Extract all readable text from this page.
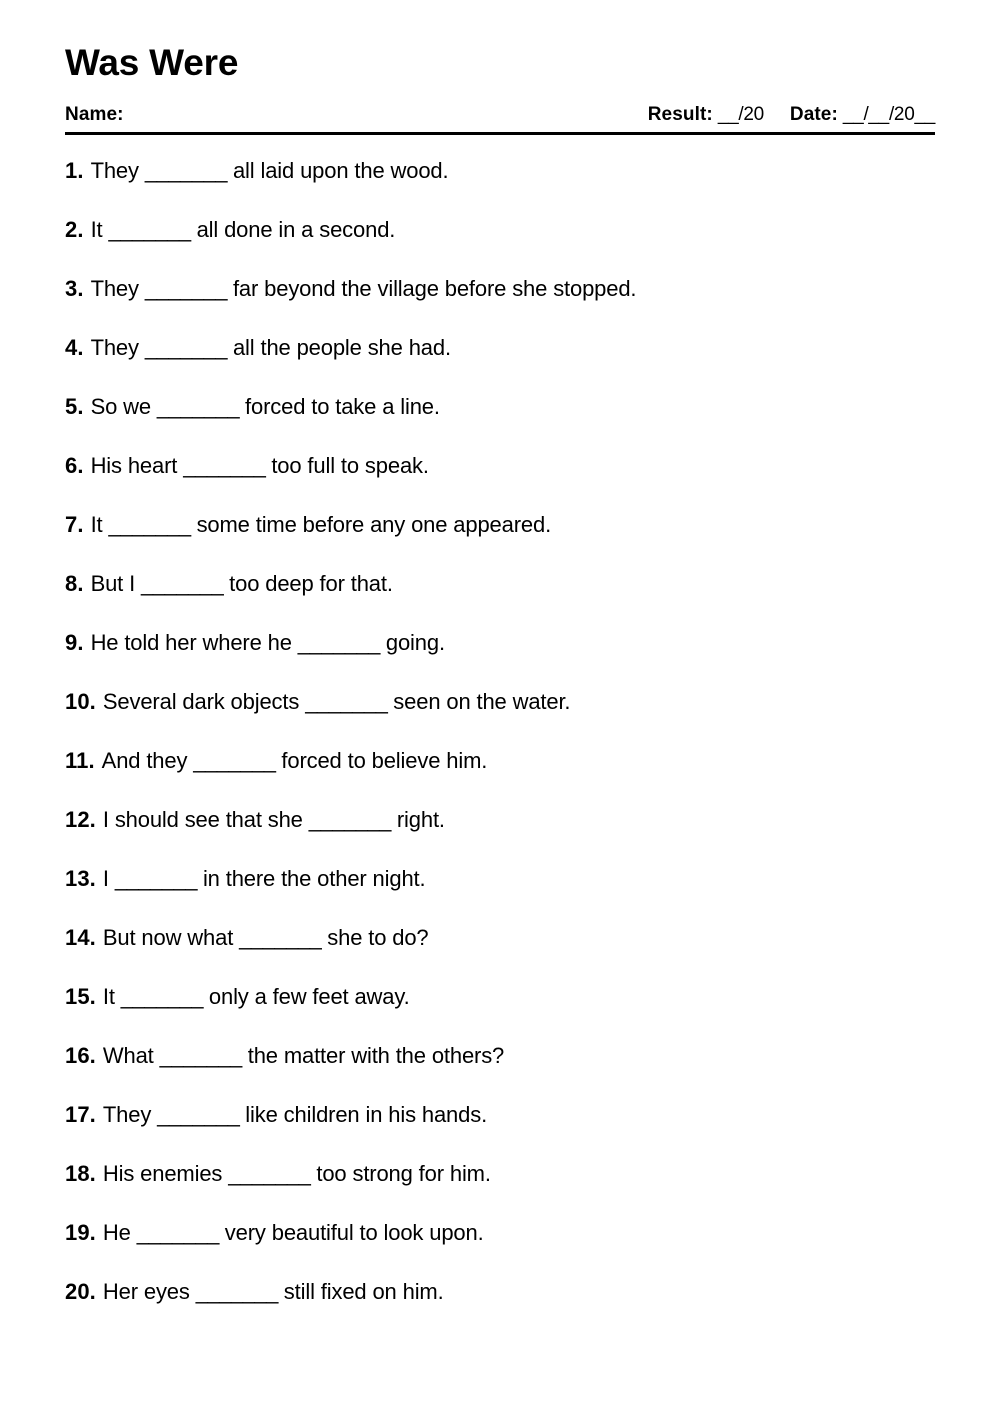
Was Were
Name:	Result: __/20 Date: __/__/20__
1. They _______ all laid upon the wood.
2. It _______ all done in a second.
3. They _______ far beyond the village before she stopped.
4. They _______ all the people she had.
5. So we _______ forced to take a line.
6. His heart _______ too full to speak.
7. It _______ some time before any one appeared.
8. But I _______ too deep for that.
9. He told her where he _______ going.
10. Several dark objects _______ seen on the water.
11. And they _______ forced to believe him.
12. I should see that she _______ right.
13. I _______ in there the other night.
14. But now what _______ she to do?
15. It _______ only a few feet away.
16. What _______ the matter with the others?
17. They _______ like children in his hands.
18. His enemies _______ too strong for him.
19. He _______ very beautiful to look upon.
20. Her eyes _______ still fixed on him.
